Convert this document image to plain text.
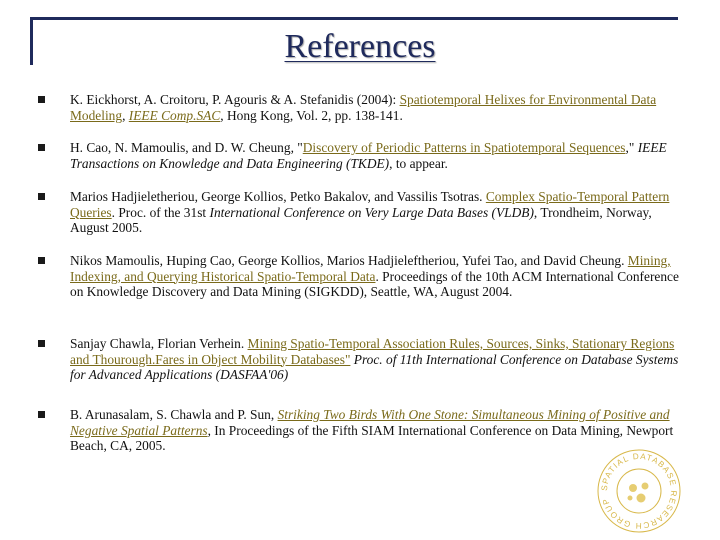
References
K. Eickhorst, A. Croitoru, P. Agouris & A. Stefanidis (2004): Spatiotemporal Helixes for Environmental Data Modeling, IEEE Comp.SAC, Hong Kong, Vol. 2, pp. 138-141.
H. Cao, N. Mamoulis, and D. W. Cheung, "Discovery of Periodic Patterns in Spatiotemporal Sequences," IEEE Transactions on Knowledge and Data Engineering (TKDE), to appear.
Marios Hadjieletheriou, George Kollios, Petko Bakalov, and Vassilis Tsotras. Complex Spatio-Temporal Pattern Queries. Proc. of the 31st International Conference on Very Large Data Bases (VLDB), Trondheim, Norway, August 2005.
Nikos Mamoulis, Huping Cao, George Kollios, Marios Hadjieleftheriou, Yufei Tao, and David Cheung. Mining, Indexing, and Querying Historical Spatio-Temporal Data. Proceedings of the 10th ACM International Conference on Knowledge Discovery and Data Mining (SIGKDD), Seattle, WA, August 2004.
Sanjay Chawla, Florian Verhein. Mining Spatio-Temporal Association Rules, Sources, Sinks, Stationary Regions and Thourough.Fares in Object Mobility Databases" Proc. of 11th International Conference on Database Systems for Advanced Applications (DASFAA'06)
B. Arunasalam, S. Chawla and P. Sun, Striking Two Birds With One Stone: Simultaneous Mining of Positive and Negative Spatial Patterns, In Proceedings of the Fifth SIAM International Conference on Data Mining, Newport Beach, CA, 2005.
SPATIAL DATABASE RESEARCH GROUP
